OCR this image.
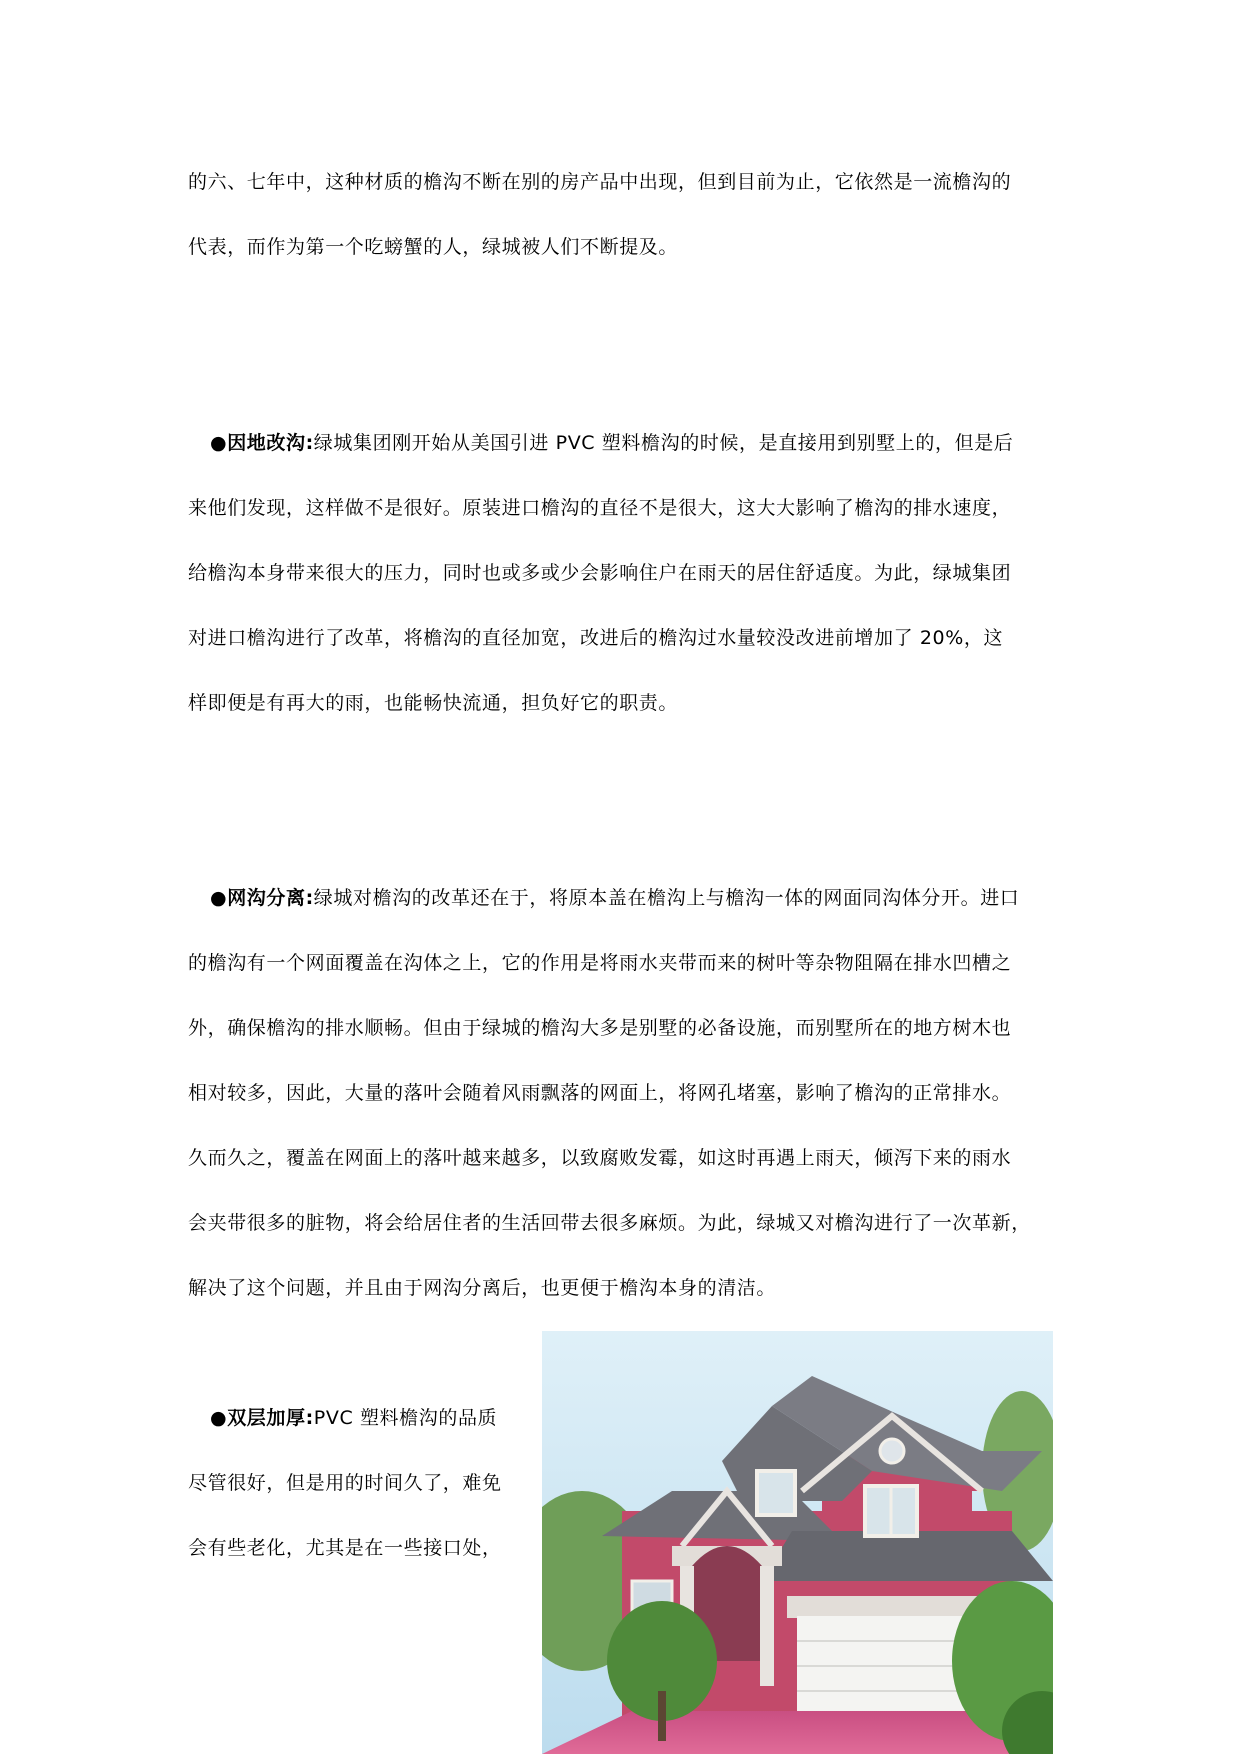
的六、七年中，这种材质的檐沟不断在别的房产品中出现，但到目前为止，它依然是一流檐沟的
代表，而作为第一个吃螃蟹的人，绿城被人们不断提及。
●因地改沟:绿城集团刚开始从美国引进 PVC 塑料檐沟的时候，是直接用到别墅上的，但是后
来他们发现，这样做不是很好。原装进口檐沟的直径不是很大，这大大影响了檐沟的排水速度，
给檐沟本身带来很大的压力，同时也或多或少会影响住户在雨天的居住舒适度。为此，绿城集团
对进口檐沟进行了改革，将檐沟的直径加宽，改进后的檐沟过水量较没改进前增加了 20%，这
样即便是有再大的雨，也能畅快流通，担负好它的职责。
●网沟分离:绿城对檐沟的改革还在于，将原本盖在檐沟上与檐沟一体的网面同沟体分开。进口
的檐沟有一个网面覆盖在沟体之上，它的作用是将雨水夹带而来的树叶等杂物阻隔在排水凹槽之
外，确保檐沟的排水顺畅。但由于绿城的檐沟大多是别墅的必备设施，而别墅所在的地方树木也
相对较多，因此，大量的落叶会随着风雨飘落的网面上，将网孔堵塞，影响了檐沟的正常排水。
久而久之，覆盖在网面上的落叶越来越多，以致腐败发霉，如这时再遇上雨天，倾泻下来的雨水
会夹带很多的脏物，将会给居住者的生活回带去很多麻烦。为此，绿城又对檐沟进行了一次革新，
解决了这个问题，并且由于网沟分离后，也更便于檐沟本身的清洁。
●双层加厚:PVC 塑料檐沟的品质
尽管很好，但是用的时间久了，难免
会有些老化，尤其是在一些接口处，
